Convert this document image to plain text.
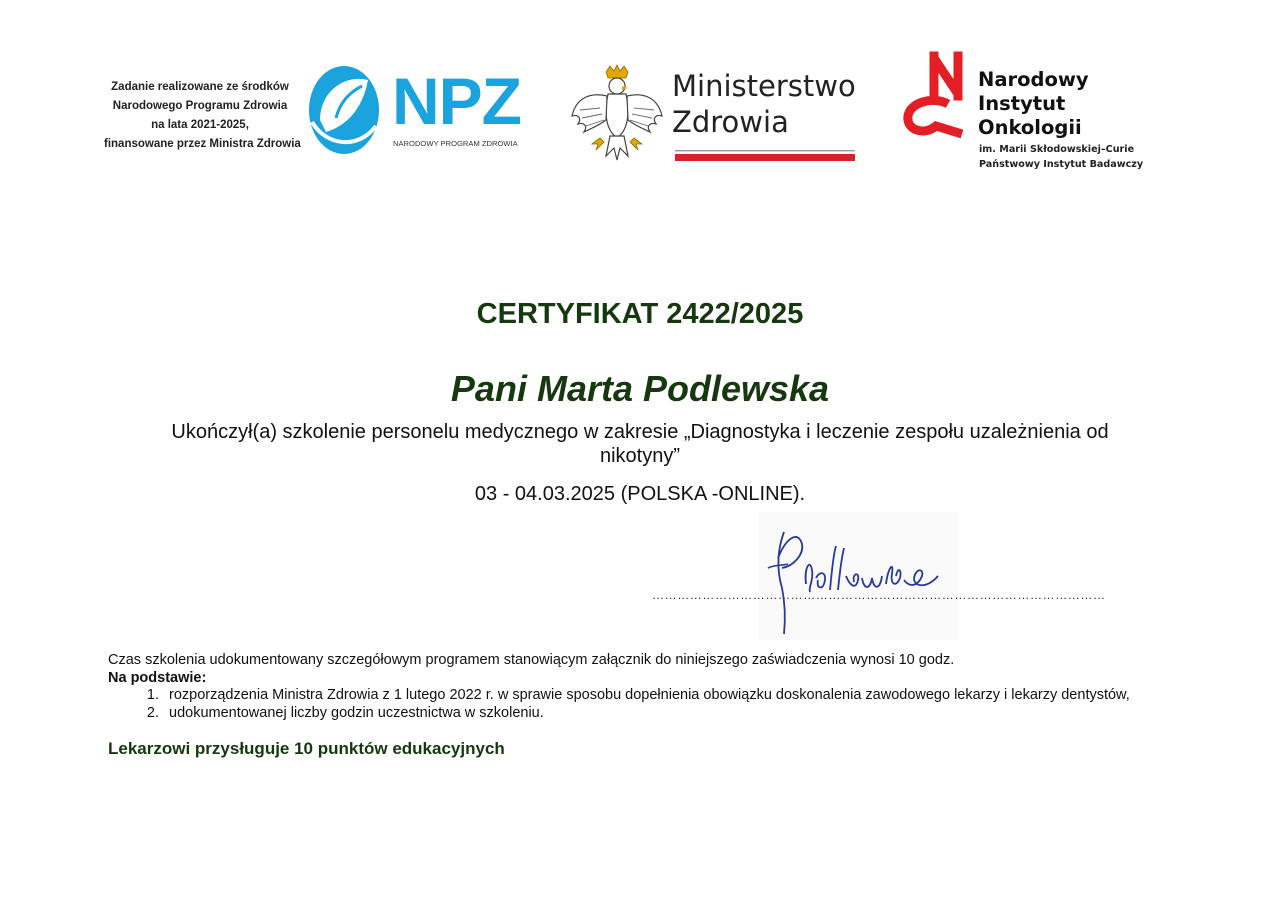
Zadanie realizowane ze środków
Narodowego Programu Zdrowia
na lata 2021-2025,
finansowane przez Ministra Zdrowia
NPZ
NARODOWY PROGRAM ZDROWIA
Ministerstwo
Zdrowia
Narodowy
Instytut
Onkologii
im. Marii Skłodowskiej–Curie
Państwowy Instytut Badawczy
CERTYFIKAT 2422/2025
Pani Marta Podlewska

Ukończył(a) szkolenie personelu medycznego w zakresie „Diagnostyka i leczenie zespołu uzależnienia od
nikotyny”

03 - 04.03.2025 (POLSKA -ONLINE).

………………………………………………………………………………………………

Czas szkolenia udokumentowany szczegółowym programem stanowiącym załącznik do niniejszego zaświadczenia wynosi 10 godz.

Na podstawie:

1. rozporządzenia Ministra Zdrowia z 1 lutego 2022 r. w sprawie sposobu dopełnienia obowiązku doskonalenia zawodowego lekarzy i lekarzy dentystów,
2. udokumentowanej liczby godzin uczestnictwa w szkoleniu.

Lekarzowi przysługuje 10 punktów edukacyjnych
